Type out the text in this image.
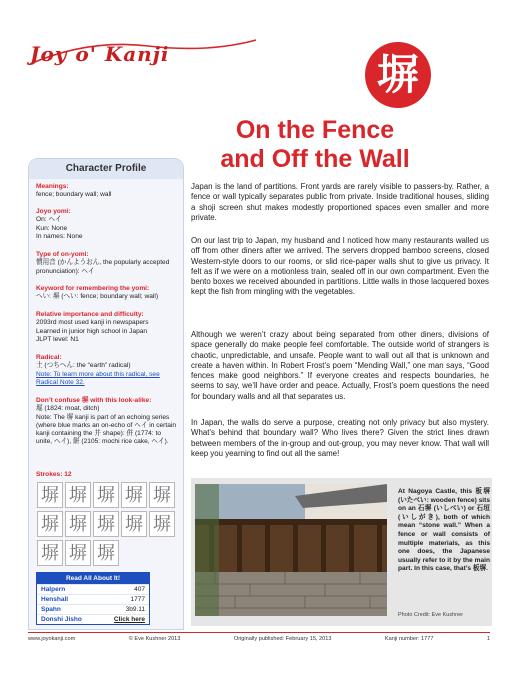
Joy o' Kanji	塀
On the Fence
and Off the Wall
Character Profile
Meanings:
fence; boundary wall; wall
Joyo yomi:
On: ヘイ
Kun: None
In names: None
Type of on-yomi:
慣用音 (かんようおん, the popularly accepted pronunciation): ヘイ
Keyword for remembering the yomi:
へい: 塀 (へい: fence; boundary wall; wall)
Relative importance and difficulty:
2093rd most used kanji in newspapers
Learned in junior high school in Japan
JLPT level: N1
Radical:
土 (つちへん: the “earth” radical)
Note: To learn more about this radical, see Radical Note 32.
Don’t confuse 塀 with this look-alike:
堀 (1824: moat, ditch)
Note: The 塀 kanji is part of an echoing series (where blue marks an on-echo of ヘイ in certain kanji containing the 并 shape): 併 (1774: to unite, ヘイ), 餅 (2105: mochi rice cake, ヘイ).
Strokes: 12
塀 塀 塀 塀 塀塀 塀 塀 塀 塀塀 塀 塀
Read All About It!
Halpern	407
Henshall	1777
Spahn	3b9.11
Donshi Jisho	Click here

Japan is the land of partitions. Front yards are rarely visible to passers-by. Rather, a fence or wall typically separates public from private. Inside traditional houses, sliding a shoji screen shut makes modestly proportioned spaces even smaller and more private.

On our last trip to Japan, my husband and I noticed how many restaurants walled us off from other diners after we arrived. The servers dropped bamboo screens, closed Western-style doors to our rooms, or slid rice-paper walls shut to give us privacy. It felt as if we were on a motionless train, sealed off in our own compartment. Even the bento boxes we received abounded in partitions. Little walls in those lacquered boxes kept the fish from mingling with the vegetables.

Although we weren’t crazy about being separated from other diners, divisions of space generally do make people feel comfortable. The outside world of strangers is chaotic, unpredictable, and unsafe. People want to wall out all that is unknown and create a haven within. In Robert Frost’s poem “Mending Wall,” one man says, “Good fences make good neighbors.” If everyone creates and respects boundaries, he seems to say, we’ll have order and peace. Actually, Frost’s poem questions the need for boundary walls and all that separates us.

In Japan, the walls do serve a purpose, creating not only privacy but also mystery. What’s behind that boundary wall? Who lives there? Given the strict lines drawn between members of the in-group and out-group, you may never know. That wall will keep you yearning to find out all the same!

At Nagoya Castle, this 板塀 (いたべい: wooden fence) sits on an 石塀 (いしべい) or 石垣 (いしがき), both of which mean “stone wall.” When a fence or wall consists of multiple materials, as this one does, the Japanese usually refer to it by the main part. In this case, that’s 板塀.
Photo Credit: Eve Kushner
www.joyokanji.com	© Eve Kushner 2013	Originally published: February 15, 2013	Kanji number: 1777	1
